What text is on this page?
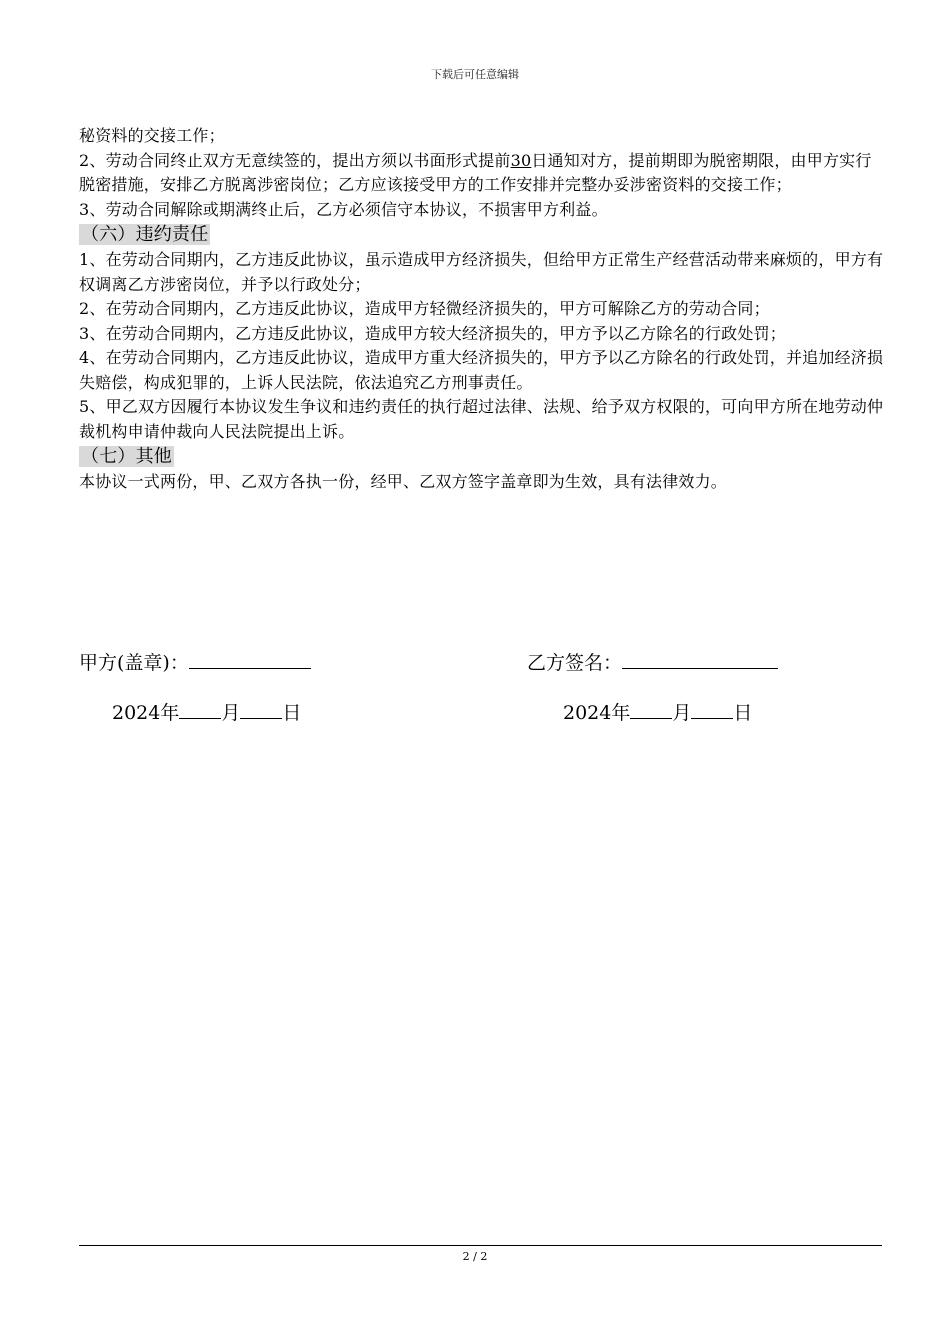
下载后可任意编辑

秘资料的交接工作；

2、劳动合同终止双方无意续签的，提出方须以书面形式提前30日通知对方，提前期即为脱密期限，由甲方实行脱密措施，安排乙方脱离涉密岗位；乙方应该接受甲方的工作安排并完整办妥涉密资料的交接工作；

3、劳动合同解除或期满终止后，乙方必须信守本协议，不损害甲方利益。

（六）违约责任

1、在劳动合同期内，乙方违反此协议，虽示造成甲方经济损失，但给甲方正常生产经营活动带来麻烦的，甲方有权调离乙方涉密岗位，并予以行政处分；

2、在劳动合同期内，乙方违反此协议，造成甲方轻微经济损失的，甲方可解除乙方的劳动合同；

3、在劳动合同期内，乙方违反此协议，造成甲方较大经济损失的，甲方予以乙方除名的行政处罚；

4、在劳动合同期内，乙方违反此协议，造成甲方重大经济损失的，甲方予以乙方除名的行政处罚，并追加经济损失赔偿，构成犯罪的，上诉人民法院，依法追究乙方刑事责任。

5、甲乙双方因履行本协议发生争议和违约责任的执行超过法律、法规、给予双方权限的，可向甲方所在地劳动仲裁机构申请仲裁向人民法院提出上诉。

（七）其他

本协议一式两份，甲、乙双方各执一份，经甲、乙双方签字盖章即为生效，具有法律效力。

甲方(盖章)：	乙方签名：
2024年 月 日	2024年 月 日
2 / 2
